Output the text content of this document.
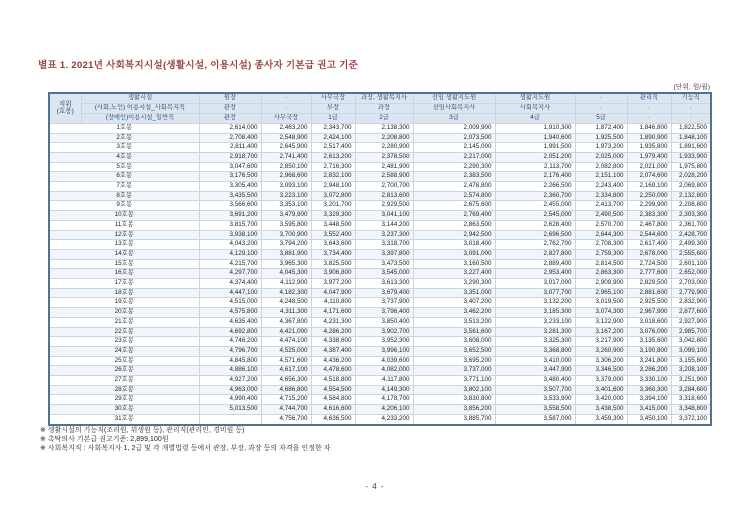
별표 1. 2021년 사회복지시설(생활시설, 이용시설) 종사자 기본급 권고 기준
(단위: 원/월)
직위
(호봉)	생활시설	원장	·	사무국장	과장, 생활복지사	선임 생활지도원	생활지도원	·	관리직	기능직
	(사회,노인) 이용시설_사회복지직	관장	·	부장	과장	선임사회복지사	사회복지사	·	·	·
	(장애인)이용시설_일반직	관장	사무국장	1급	2급	3급	4급	5급	·	·
1호봉		2,614,000	2,463,200	2,343,700	2,138,300	2,009,900	1,910,300	1,872,400	1,846,800	1,822,500
2호봉		2,708,400	2,548,900	2,424,100	2,208,800	2,073,500	1,940,600	1,925,500	1,890,900	1,848,100
3호봉		2,811,400	2,645,900	2,517,400	2,280,900	2,145,000	1,991,500	1,973,200	1,935,800	1,891,600
4호봉		2,918,700	2,741,400	2,613,200	2,378,500	2,217,000	2,051,200	2,025,000	1,979,400	1,933,900
5호봉		3,047,600	2,850,100	2,716,300	2,481,900	2,290,300	2,113,700	2,082,800	2,021,000	1,975,800
6호봉		3,176,500	2,968,600	2,832,100	2,588,900	2,383,500	2,176,400	2,151,100	2,074,600	2,028,200
7호봉		3,305,400	3,093,100	2,948,100	2,700,700	2,478,800	2,266,500	2,243,400	2,169,100	2,069,800
8호봉		3,435,500	3,223,100	3,072,800	2,813,600	2,574,800	2,360,700	2,334,800	2,250,000	2,132,800
9호봉		3,566,600	3,353,100	3,201,700	2,929,500	2,675,600	2,455,000	2,413,700	2,299,900	2,208,800
10호봉		3,691,200	3,479,900	3,329,300	3,041,100	2,769,400	2,545,000	2,490,500	2,383,300	2,303,300
11호봉		3,815,700	3,595,800	3,448,500	3,144,200	2,863,500	2,628,400	2,570,700	2,467,800	2,361,700
12호봉		3,938,100	3,700,900	3,552,400	3,237,300	2,942,500	2,696,500	2,644,300	2,544,600	2,428,700
13호봉		4,043,200	3,794,200	3,643,600	3,318,700	3,018,400	2,762,700	2,708,300	2,617,400	2,499,300
14호봉		4,129,100	3,881,900	3,734,400	3,397,800	3,091,000	2,827,800	2,759,300	2,678,000	2,555,600
15호봉		4,215,700	3,965,300	3,825,500	3,473,500	3,160,500	2,889,400	2,814,500	2,724,500	2,601,100
16호봉		4,297,700	4,045,300	3,906,800	3,545,000	3,227,400	2,953,400	2,863,300	2,777,600	2,652,000
17호봉		4,374,400	4,112,900	3,977,200	3,613,300	3,290,300	3,017,000	2,909,900	2,829,500	2,703,000
18호봉		4,447,100	4,182,300	4,047,900	3,679,400	3,351,000	3,077,700	2,965,100	2,881,600	2,779,900
19호봉		4,515,000	4,248,500	4,110,800	3,737,900	3,407,200	3,132,200	3,019,500	2,925,500	2,832,900
20호봉		4,575,800	4,311,300	4,171,600	3,796,400	3,462,200	3,185,300	3,074,300	2,967,900	2,877,600
21호봉		4,635,400	4,367,800	4,231,300	3,850,400	3,513,200	3,233,100	3,122,900	3,018,600	2,927,900
22호봉		4,692,800	4,421,000	4,286,200	3,902,700	3,561,600	3,281,300	3,167,200	3,076,000	2,985,700
23호봉		4,746,200	4,474,100	4,338,600	3,952,300	3,608,000	3,325,300	3,217,900	3,135,600	3,042,800
24호봉		4,796,700	4,525,000	4,387,400	3,996,100	3,652,500	3,368,800	3,260,900	3,190,800	3,099,100
25호봉		4,845,800	4,571,600	4,436,200	4,039,600	3,695,200	3,410,000	3,306,200	3,241,800	3,155,800
26호봉		4,886,100	4,617,100	4,478,600	4,082,000	3,737,000	3,447,900	3,346,500	3,286,200	3,208,100
27호봉		4,927,200	4,656,300	4,518,800	4,117,800	3,771,100	3,480,400	3,379,000	3,330,100	3,251,900
28호봉		4,963,000	4,686,800	4,554,500	4,149,300	3,802,100	3,507,700	3,401,600	3,360,300	3,284,600
29호봉		4,990,400	4,715,200	4,584,800	4,178,700	3,830,800	3,533,900	3,420,000	3,394,100	3,318,600
30호봉		5,013,500	4,744,700	4,616,600	4,206,100	3,856,200	3,558,500	3,438,500	3,415,000	3,348,800
31호봉			4,756,700	4,636,500	4,233,200	3,885,700	3,587,000	3,459,300	3,450,100	3,372,100
※ 생활시설의 기능직(조리원, 위생원 등), 관리직(관리인, 경비원 등)
※ 촉탁의사 기본급 권고기준: 2,899,100원
※ 사회복지직 : 사회복지사 1, 2급 및 각 개별법령 등에서 관장, 부장, 과장 등의 자격을 인정한 자
- 4 -
